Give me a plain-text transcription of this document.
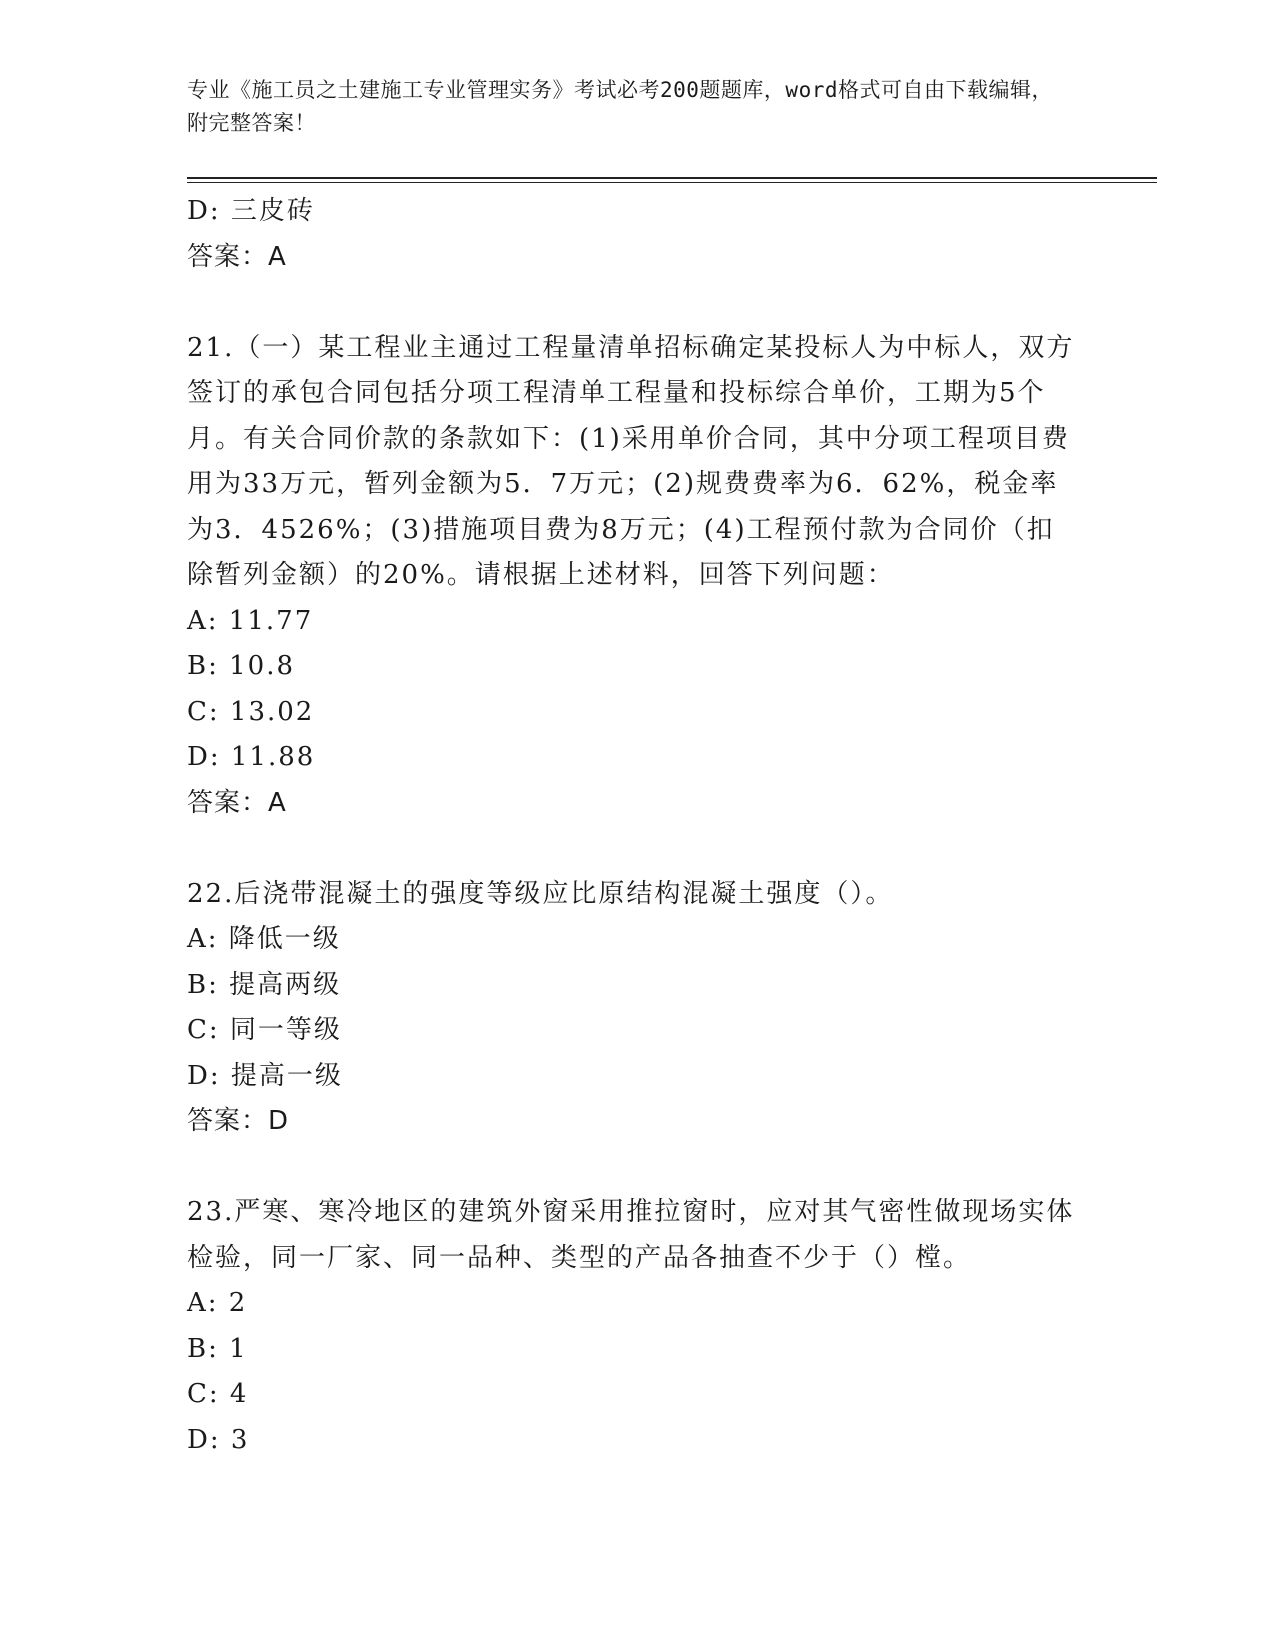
专业《施工员之土建施工专业管理实务》考试必考200题题库，word格式可自由下载编辑，附完整答案！
D: 三皮砖
答案：A
21.（一）某工程业主通过工程量清单招标确定某投标人为中标人，双方签订的承包合同包括分项工程清单工程量和投标综合单价，工期为5个月。有关合同价款的条款如下：(1)采用单价合同，其中分项工程项目费用为33万元，暂列金额为5．7万元；(2)规费费率为6．62%，税金率为3．4526%；(3)措施项目费为8万元；(4)工程预付款为合同价（扣除暂列金额）的20%。请根据上述材料，回答下列问题：
A: 11.77
B: 10.8
C: 13.02
D: 11.88
答案：A
22.后浇带混凝土的强度等级应比原结构混凝土强度（）。
A: 降低一级
B: 提高两级
C: 同一等级
D: 提高一级
答案：D
23.严寒、寒冷地区的建筑外窗采用推拉窗时，应对其气密性做现场实体检验，同一厂家、同一品种、类型的产品各抽查不少于（）樘。
A: 2
B: 1
C: 4
D: 3
